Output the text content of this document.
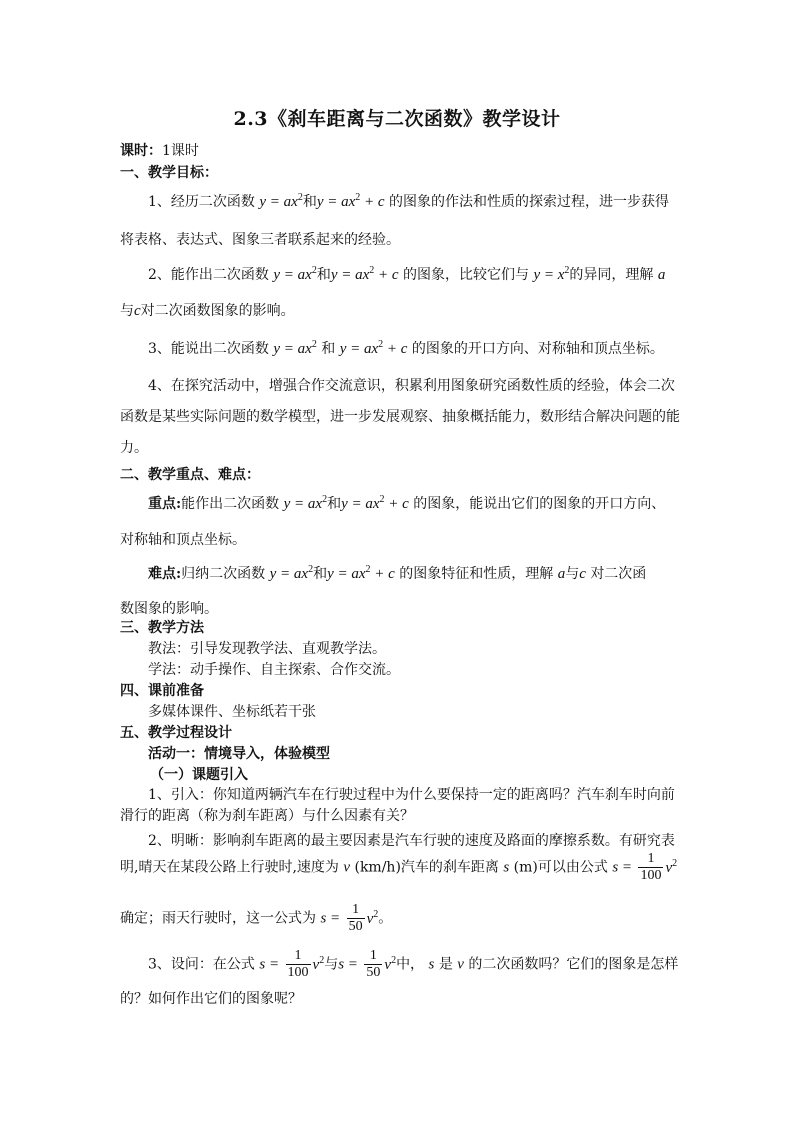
2.3《刹车距离与二次函数》教学设计
课时：1课时
一、教学目标：
1、经历二次函数 $y = ax^2$和$y = ax^2 + c$ 的图象的作法和性质的探索过程，进一步获得
将表格、表达式、图象三者联系起来的经验。
2、能作出二次函数 $y = ax^2$和$y = ax^2 + c$ 的图象，比较它们与 $y = x^2$的异同，理解 a
与c对二次函数图象的影响。
3、能说出二次函数 $y = ax^2$ 和 $y = ax^2 + c$ 的图象的开口方向、对称轴和顶点坐标。
4、在探究活动中，增强合作交流意识，积累利用图象研究函数性质的经验，体会二次
函数是某些实际问题的数学模型，进一步发展观察、抽象概括能力，数形结合解决问题的能
力。
二、教学重点、难点：
重点:能作出二次函数 $y = ax^2$和$y = ax^2 + c$ 的图象，能说出它们的图象的开口方向、
对称轴和顶点坐标。
难点:归纳二次函数 $y = ax^2$和$y = ax^2 + c$ 的图象特征和性质，理解 a与c 对二次函
数图象的影响。
三、教学方法
教法：引导发现教学法、直观教学法。
学法：动手操作、自主探索、合作交流。
四、课前准备
多媒体课件、坐标纸若干张
五、教学过程设计
活动一：情境导入，体验模型
（一）课题引入
1、引入：你知道两辆汽车在行驶过程中为什么要保持一定的距离吗？汽车刹车时向前
滑行的距离（称为刹车距离）与什么因素有关？
2、明晰：影响刹车距离的最主要因素是汽车行驶的速度及路面的摩擦系数。有研究表
明,晴天在某段公路上行驶时,速度为 v (km/h)汽车的刹车距离 s (m)可以由公式 $s = \frac{1}{100} v^2$
确定；雨天行驶时，这一公式为 $s = \frac{1}{50} v^2$。
3、设问：在公式 $s = \frac{1}{100} v^2$与$s = \frac{1}{50} v^2$中， s 是 v 的二次函数吗？它们的图象是怎样
的？如何作出它们的图象呢？
